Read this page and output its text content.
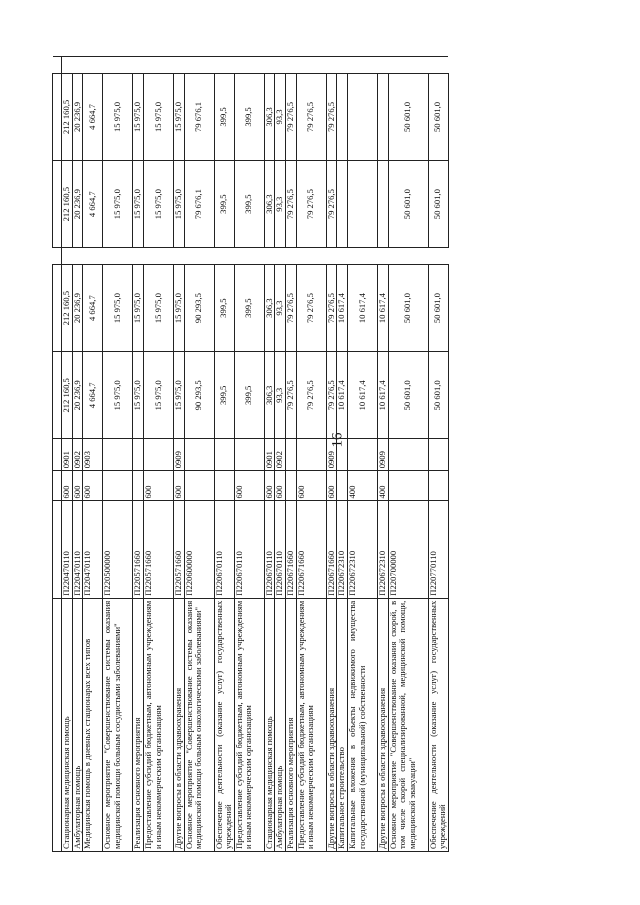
16

Стационарная медицинская помощь	П220470110	600	0901	212 160,5	212 160,5		212 160,5	212 160,5	
Амбулаторная помощь	П220470110	600	0902	20 236,9	20 236,9		20 236,9	20 236,9	
Медицинская помощь в дневных стационарах всех типов	П220470110	600	0903	4 664,7	4 664,7		4 664,7	4 664,7	
Основное мероприятие "Совершенствование системы оказания медицинской помощи больным сосудистыми заболеваниями"	П220500000			15 975,0	15 975,0		15 975,0	15 975,0	
Реализация основного мероприятия	П220571660			15 975,0	15 975,0		15 975,0	15 975,0	
Предоставление субсидий бюджетным, автономным учреждениям и иным некоммерческим организациям	П220571660	600		15 975,0	15 975,0		15 975,0	15 975,0	
Другие вопросы в области здравоохранения	П220571660	600	0909	15 975,0	15 975,0		15 975,0	15 975,0	
Основное мероприятие "Совершенствование системы оказания медицинской помощи больным онкологическими заболеваниями"	П220600000			90 293,5	90 293,5		79 676,1	79 676,1	
Обеспечение деятельности (оказание услуг) государственных учреждений	П220670110			399,5	399,5		399,5	399,5	
Предоставление субсидий бюджетным, автономным учреждениям и иным некоммерческим организациям	П220670110	600		399,5	399,5		399,5	399,5	
Стационарная медицинская помощь	П220670110	600	0901	306,3	306,3		306,3	306,3	
Амбулаторная помощь	П220670110	600	0902	93,3	93,3		93,3	93,3	
Реализация основного мероприятия	П220671660			79 276,5	79 276,5		79 276,5	79 276,5	
Предоставление субсидий бюджетным, автономным учреждениям и иным некоммерческим организациям	П220671660	600		79 276,5	79 276,5		79 276,5	79 276,5	
Другие вопросы в области здравоохранения	П220671660	600	0909	79 276,5	79 276,5		79 276,5	79 276,5	
Капитальное строительство	П220672310			10 617,4	10 617,4				
Капитальные вложения в объекты недвижимого имущества государственной (муниципальной) собственности	П220672310	400		10 617,4	10 617,4				
Другие вопросы в области здравоохранения	П220672310	400	0909	10 617,4	10 617,4				
Основное мероприятие "Совершенствование оказания скорой, в том числе скорой специализированной, медицинской помощи, медицинской эвакуации"	П220700000			50 601,0	50 601,0		50 601,0	50 601,0	
Обеспечение деятельности (оказание услуг) государственных учреждений	П220770110			50 601,0	50 601,0		50 601,0	50 601,0	
